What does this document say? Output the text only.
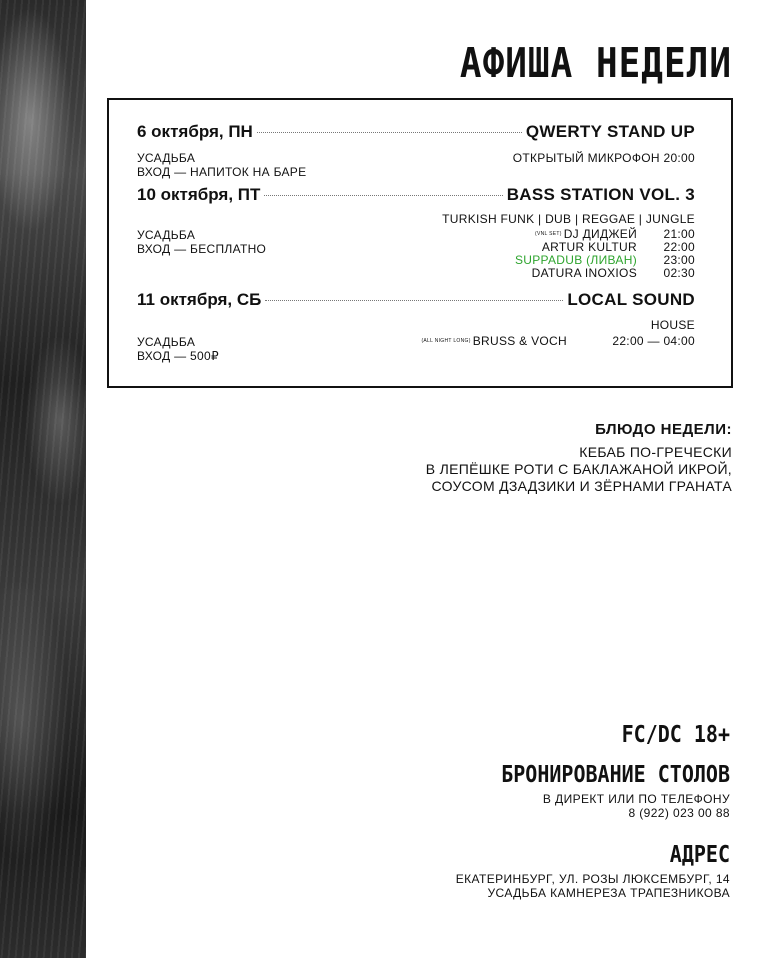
АФИША НЕДЕЛИ
6 октября, ПН	QWERTY STAND UP
УСАДЬБА
ВХОД — НАПИТОК НА БАРЕ
ОТКРЫТЫЙ МИКРОФОН 20:00
10 октября, ПТ	BASS STATION VOL. 3
TURKISH FUNK | DUB | REGGAE | JUNGLE
УСАДЬБА
ВХОД — БЕСПЛАТНО
(VNL SET) DJ ДИДЖЕЙ	21:00
ARTUR KULTUR	22:00
SUPPADUB (ЛИВАН)	23:00
DATURA INOXIOS	02:30
11 октября, СБ	LOCAL SOUND
HOUSE
УСАДЬБА
ВХОД — 500₽
(ALL NIGHT LONG) BRUSS & VOCH	22:00 — 04:00
БЛЮДО НЕДЕЛИ:
КЕБАБ ПО-ГРЕЧЕСКИ
В ЛЕПЁШКЕ РОТИ С БАКЛАЖАНОЙ ИКРОЙ,
СОУСОМ ДЗАДЗИКИ И ЗЁРНАМИ ГРАНАТА
FC/DC 18+
БРОНИРОВАНИЕ СТОЛОВ
В ДИРЕКТ ИЛИ ПО ТЕЛЕФОНУ
8 (922) 023 00 88
АДРЕС
ЕКАТЕРИНБУРГ, УЛ. РОЗЫ ЛЮКСЕМБУРГ, 14
УСАДЬБА КАМНЕРЕЗА ТРАПЕЗНИКОВА
